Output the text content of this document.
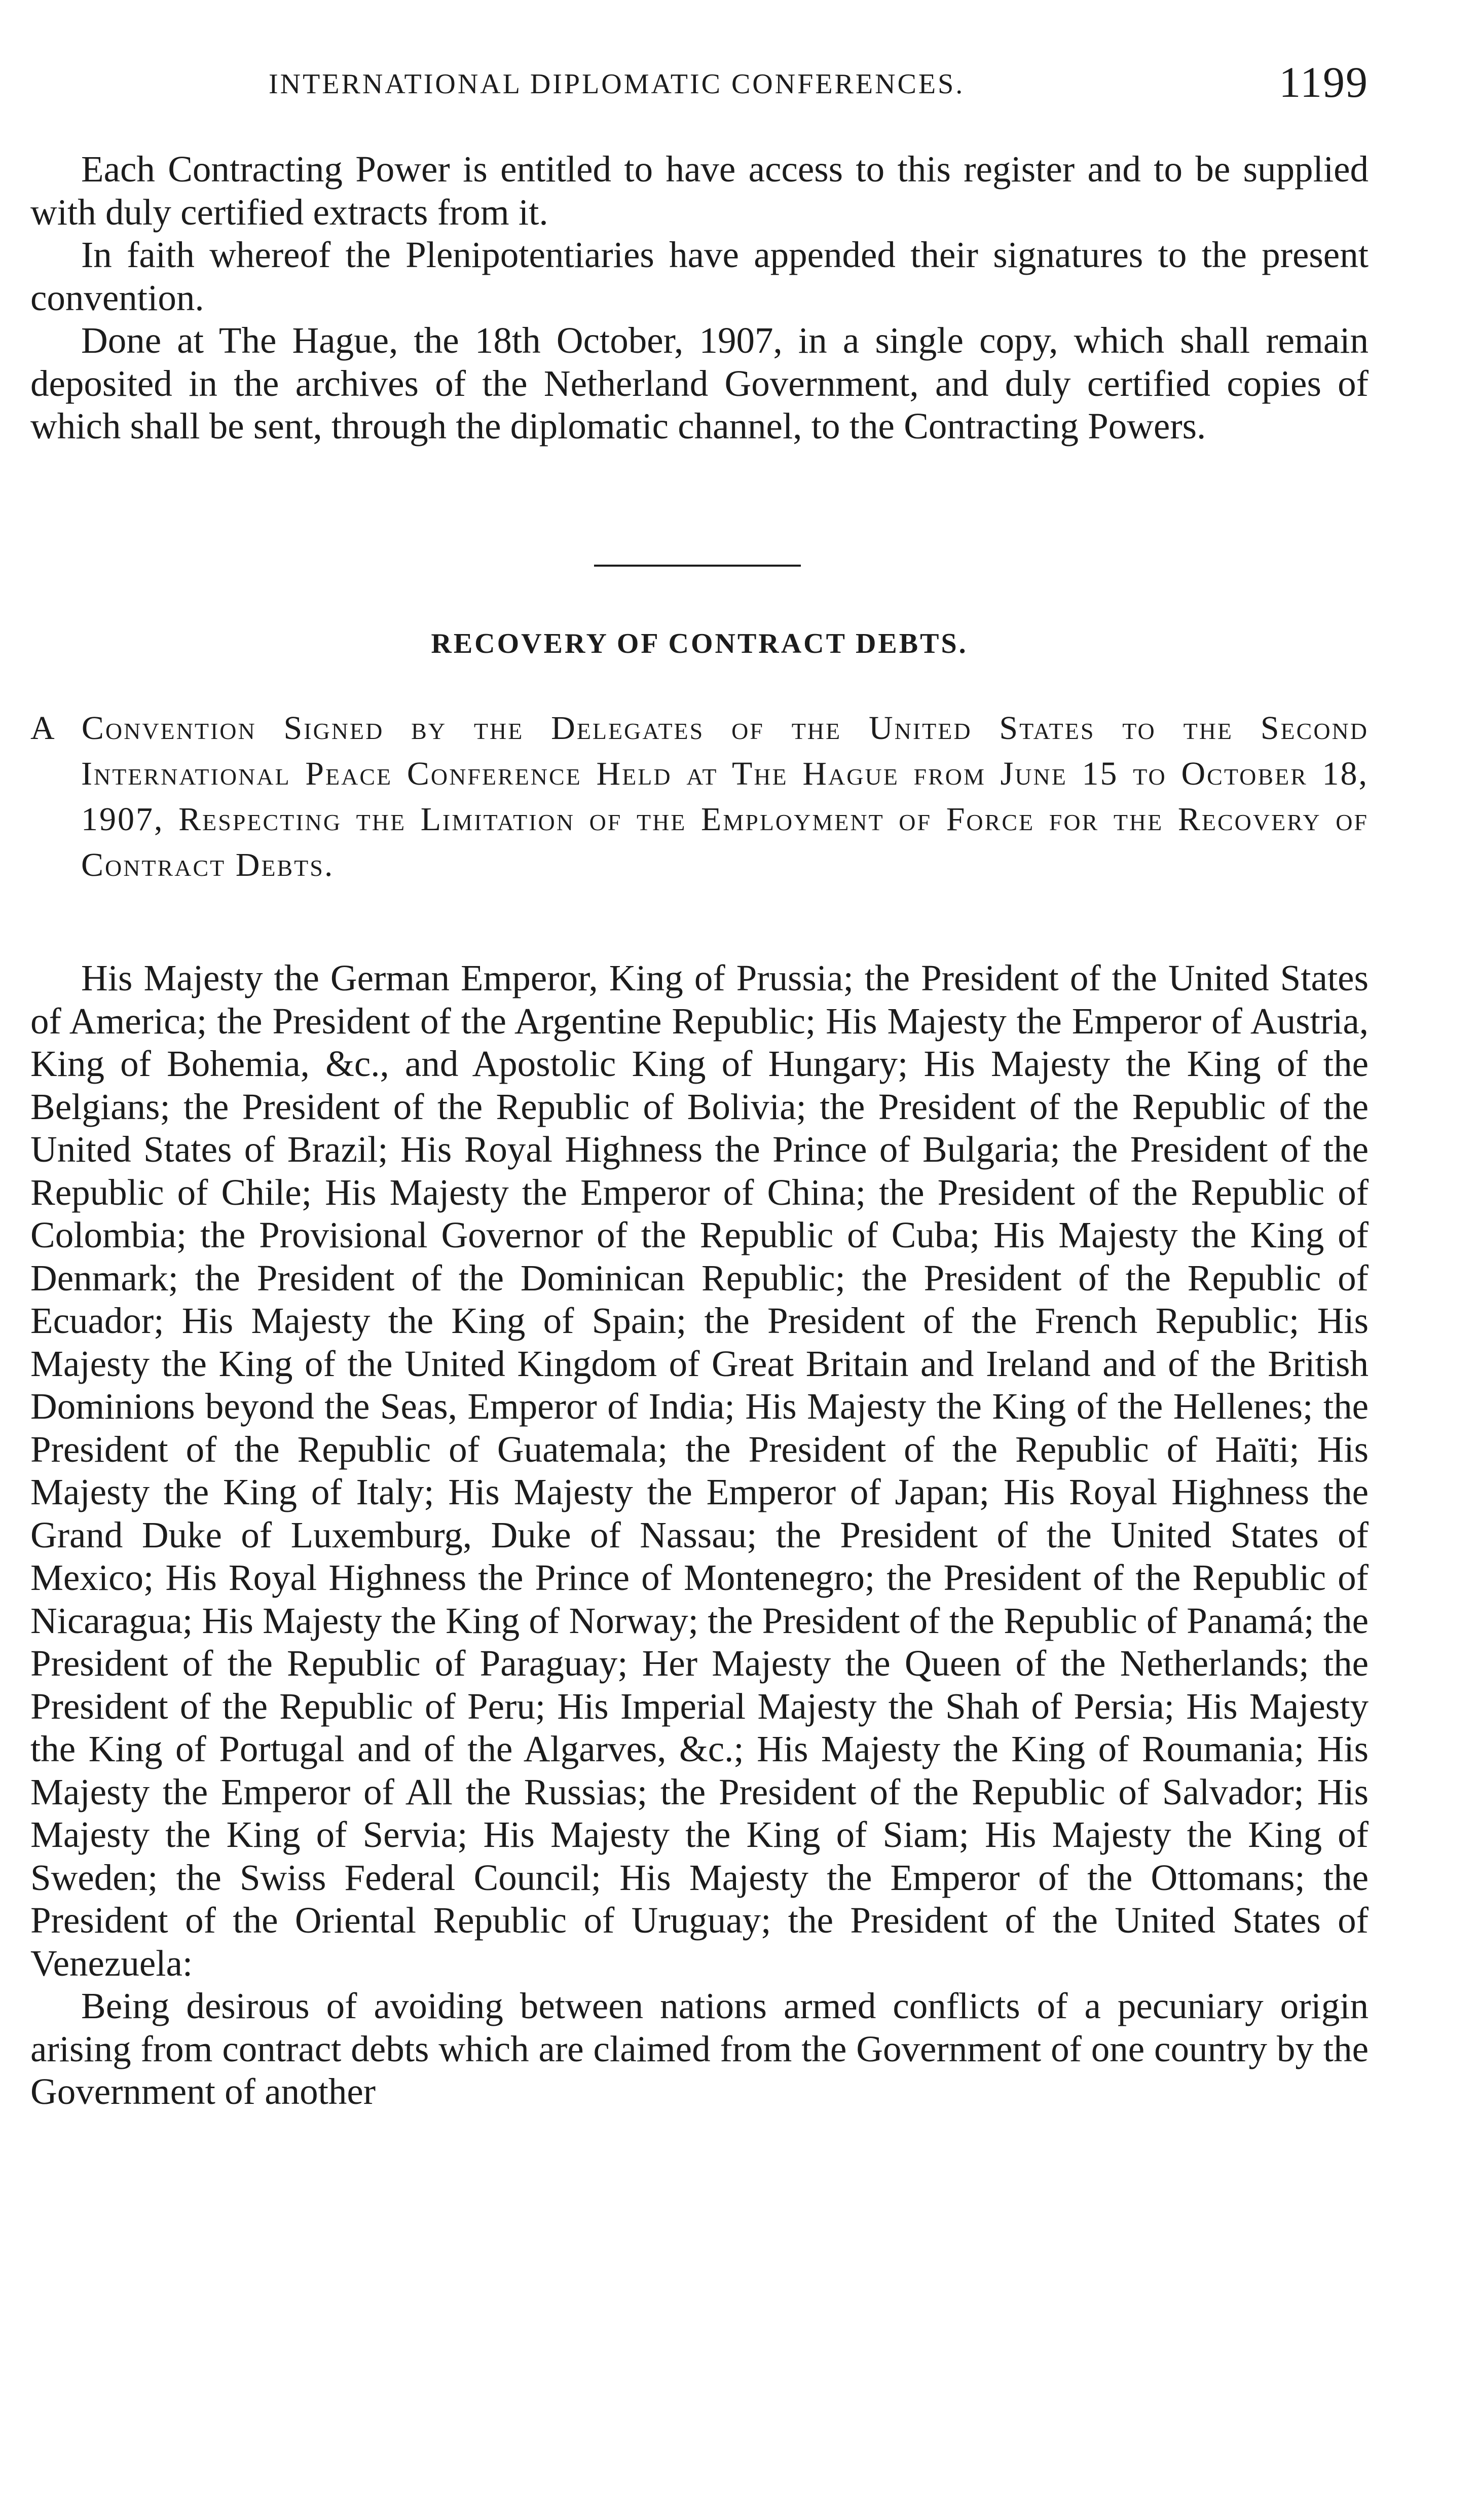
INTERNATIONAL DIPLOMATIC CONFERENCES.	1199

Each Contracting Power is entitled to have access to this register and to be supplied with duly certified extracts from it.

In faith whereof the Plenipotentiaries have appended their signatures to the present convention.

Done at The Hague, the 18th October, 1907, in a single copy, which shall remain deposited in the archives of the Netherland Government, and duly certified copies of which shall be sent, through the diplomatic channel, to the Contracting Powers.

RECOVERY OF CONTRACT DEBTS.
A Convention Signed by the Delegates of the United States to the Second International Peace Conference Held at The Hague from June 15 to October 18, 1907, Respecting the Limitation of the Employment of Force for the Recovery of Contract Debts.

His Majesty the German Emperor, King of Prussia; the President of the United States of America; the President of the Argentine Republic; His Majesty the Emperor of Austria, King of Bohemia, &c., and Apostolic King of Hungary; His Majesty the King of the Belgians; the President of the Republic of Bolivia; the President of the Republic of the United States of Brazil; His Royal Highness the Prince of Bulgaria; the President of the Republic of Chile; His Majesty the Emperor of China; the President of the Republic of Colombia; the Provisional Governor of the Republic of Cuba; His Majesty the King of Denmark; the President of the Dominican Republic; the President of the Republic of Ecuador; His Majesty the King of Spain; the President of the French Republic; His Majesty the King of the United Kingdom of Great Britain and Ireland and of the British Dominions beyond the Seas, Emperor of India; His Majesty the King of the Hellenes; the President of the Republic of Guatemala; the President of the Republic of Haïti; His Majesty the King of Italy; His Majesty the Emperor of Japan; His Royal Highness the Grand Duke of Luxemburg, Duke of Nassau; the President of the United States of Mexico; His Royal Highness the Prince of Montenegro; the President of the Republic of Nicaragua; His Majesty the King of Norway; the President of the Republic of Panamá; the President of the Republic of Paraguay; Her Majesty the Queen of the Netherlands; the President of the Republic of Peru; His Imperial Majesty the Shah of Persia; His Majesty the King of Portugal and of the Algarves, &c.; His Majesty the King of Roumania; His Majesty the Emperor of All the Russias; the President of the Republic of Salvador; His Majesty the King of Servia; His Majesty the King of Siam; His Majesty the King of Sweden; the Swiss Federal Council; His Majesty the Emperor of the Ottomans; the President of the Oriental Republic of Uruguay; the President of the United States of Venezuela:

Being desirous of avoiding between nations armed conflicts of a pecuniary origin arising from contract debts which are claimed from the Government of one country by the Government of another
